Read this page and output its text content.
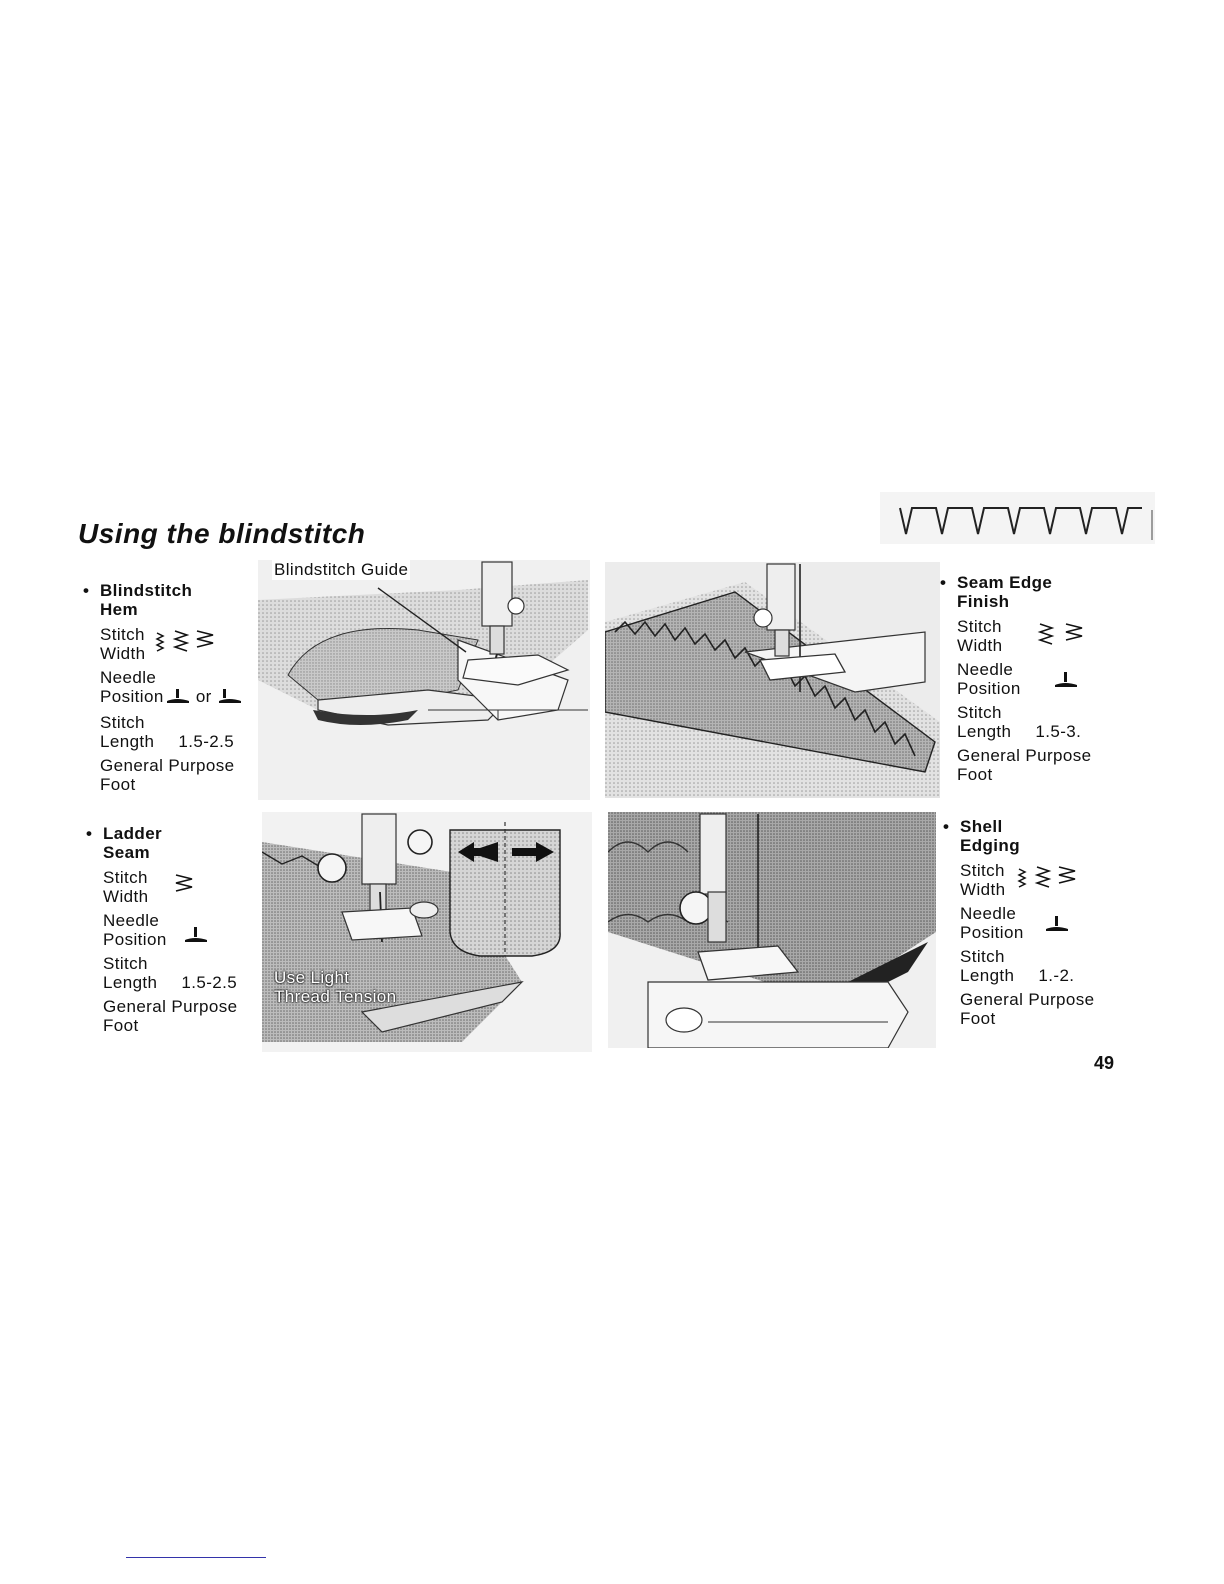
Using the blindstitch
• Blindstitch
Hem
Stitch
Width
Needle
Position or
Stitch
Length 1.5-2.5
General Purpose
Foot
• Ladder
Seam
Stitch
Width
Needle
Position
Stitch
Length 1.5-2.5
General Purpose
Foot
• Seam Edge
Finish
Stitch
Width
Needle
Position
Stitch
Length 1.5-3.
General Purpose
Foot
• Shell
Edging
Stitch
Width
Needle
Position
Stitch
Length 1.-2.
General Purpose
Foot
Blindstitch Guide
Use Light
Thread Tension
49
